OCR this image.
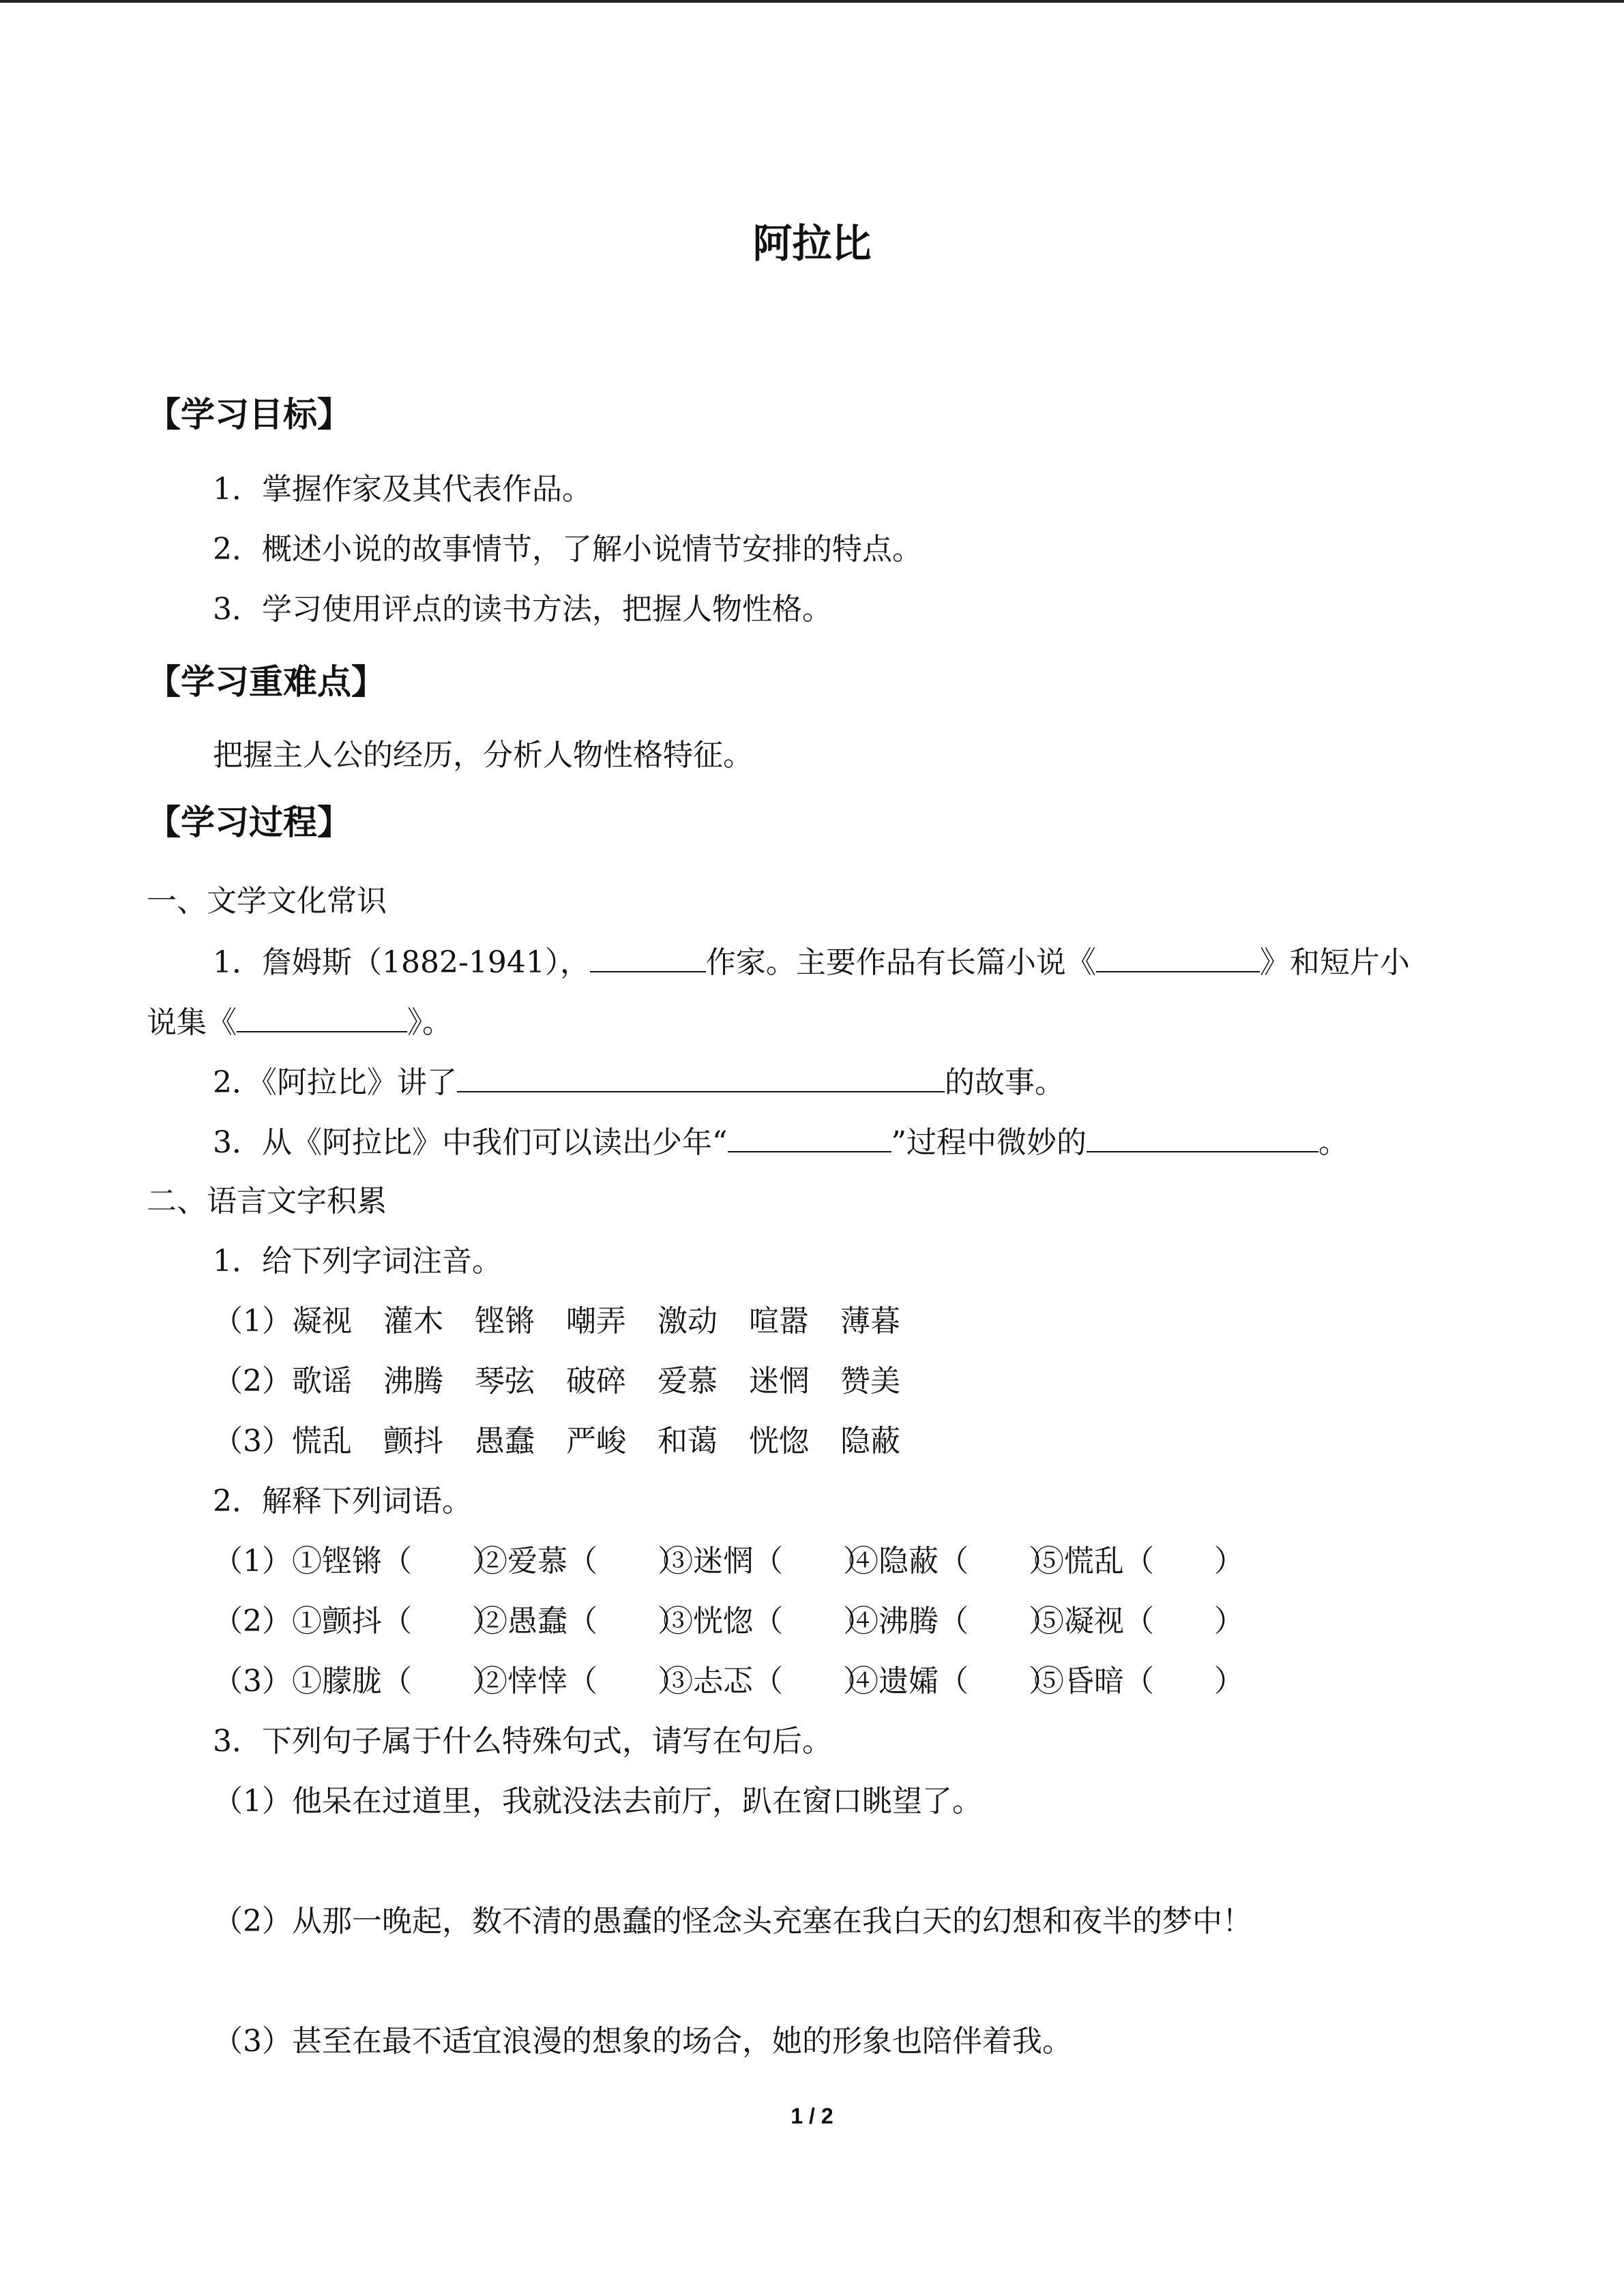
阿拉比
【学习目标】
1．掌握作家及其代表作品。
2．概述小说的故事情节，了解小说情节安排的特点。
3．学习使用评点的读书方法，把握人物性格。
【学习重难点】
把握主人公的经历，分析人物性格特征。
【学习过程】
一、文学文化常识
1．詹姆斯（1882-1941），	作家。主要作品有长篇小说《	》和短片小
说集《	》。
2．《阿拉比》讲了	的故事。
3．从《阿拉比》中我们可以读出少年“	”过程中微妙的	。
二、语言文字积累
1．给下列字词注音。
（1）凝视 灌木 铿锵 嘲弄 激动 喧嚣 薄暮
（2）歌谣 沸腾 琴弦 破碎 爱慕 迷惘 赞美
（3）慌乱 颤抖 愚蠢 严峻 和蔼 恍惚 隐蔽
2．解释下列词语。
（1）①铿锵（　　）②爱慕（　　）③迷惘（　　）④隐蔽（　　）⑤慌乱（　　）
（2）①颤抖（　　）②愚蠢（　　）③恍惚（　　）④沸腾（　　）⑤凝视（　　）
（3）①朦胧（　　）②悻悻（　　）③忐忑（　　）④遗孀（　　）⑤昏暗（　　）
3．下列句子属于什么特殊句式，请写在句后。
（1）他呆在过道里，我就没法去前厅，趴在窗口眺望了。
（2）从那一晚起，数不清的愚蠢的怪念头充塞在我白天的幻想和夜半的梦中！
（3）甚至在最不适宜浪漫的想象的场合，她的形象也陪伴着我。
1 / 2
